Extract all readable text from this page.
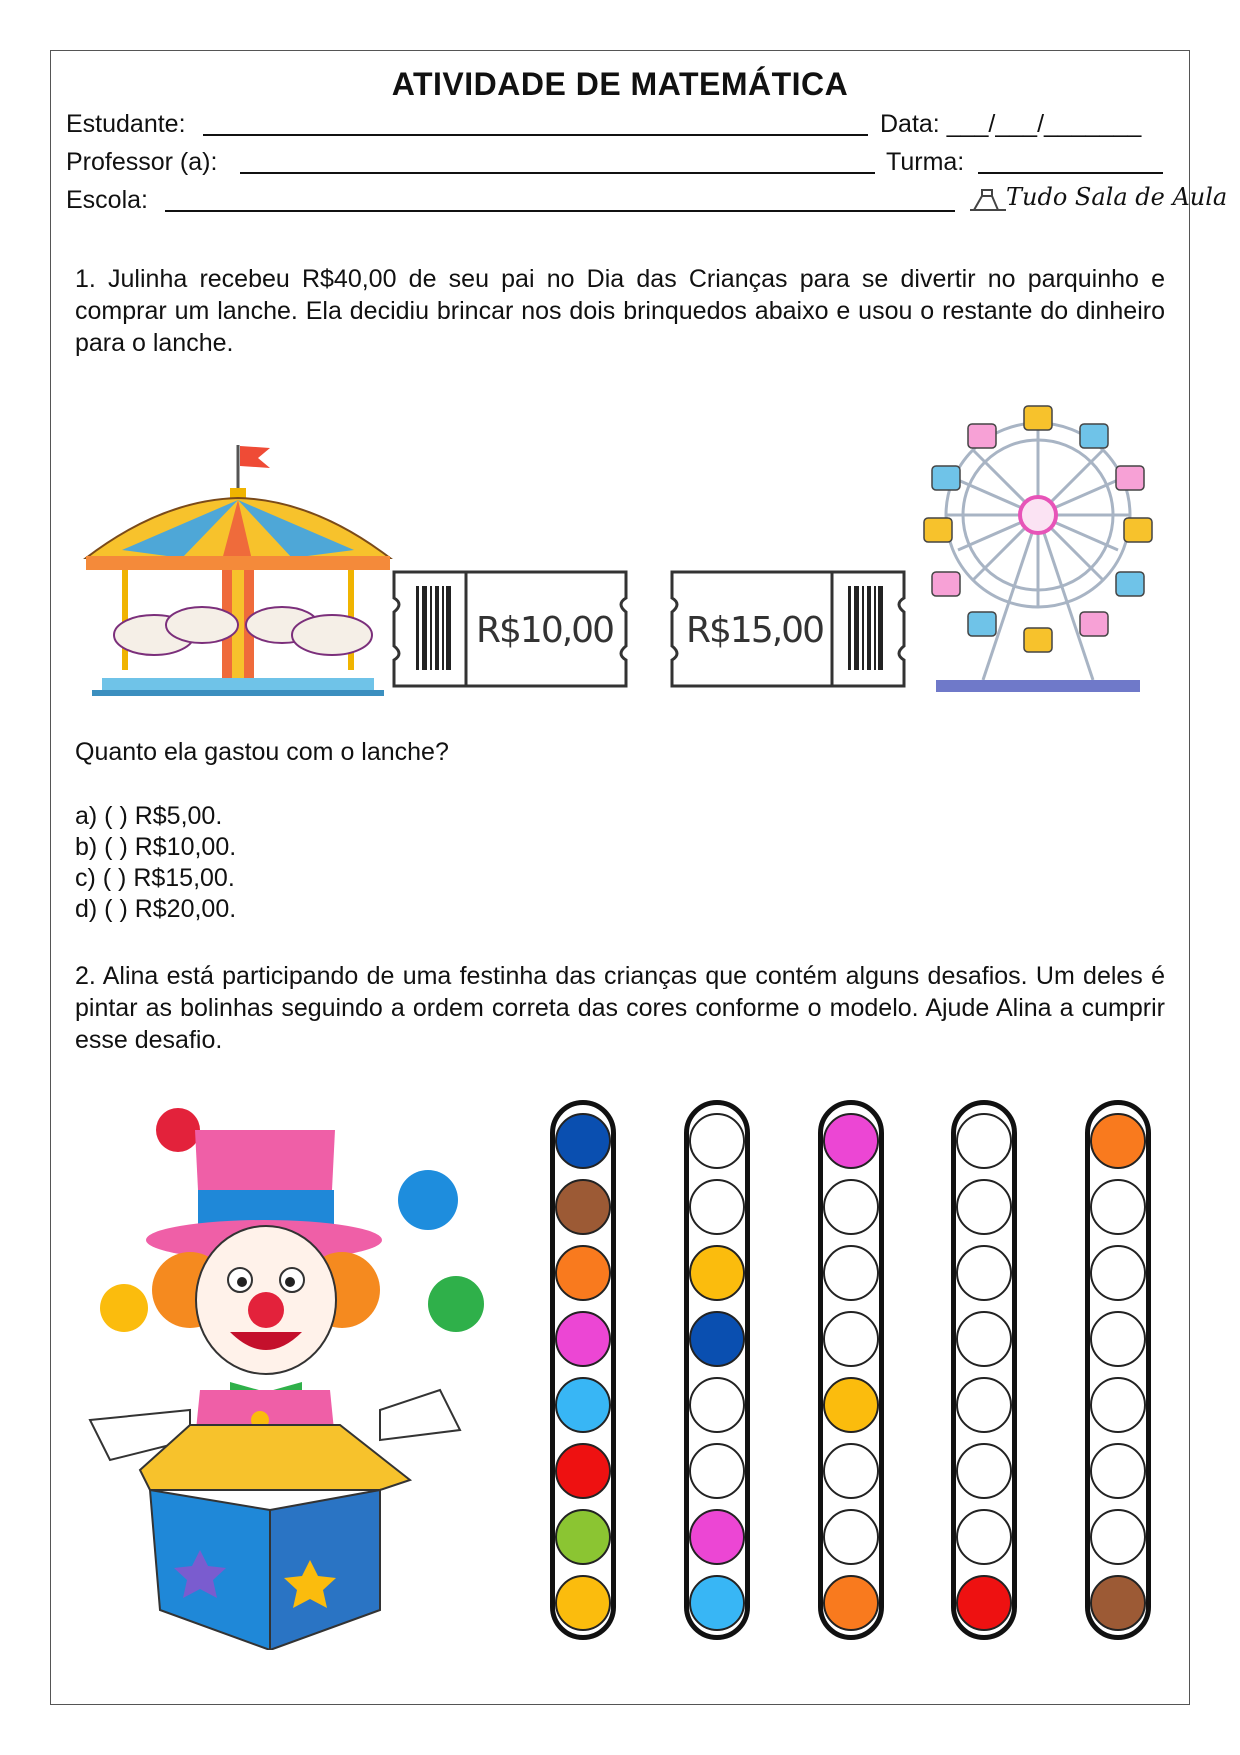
ATIVIDADE DE MATEMÁTICA
Estudante:	Data: ___/___/_______
Professor (a):	Turma:
Escola:	Tudo Sala de Aula
1. Julinha recebeu R$40,00 de seu pai no Dia das Crianças para se divertir no parquinho e comprar um lanche. Ela decidiu brincar nos dois brinquedos abaixo e usou o restante do dinheiro para o lanche.
R$10,00 R$15,00
Quanto ela gastou com o lanche?
a) ( ) R$5,00.
b) ( ) R$10,00.
c) ( ) R$15,00.
d) ( ) R$20,00.
2. Alina está participando de uma festinha das crianças que contém alguns desafios. Um deles é pintar as bolinhas seguindo a ordem correta das cores conforme o modelo. Ajude Alina a cumprir esse desafio.
